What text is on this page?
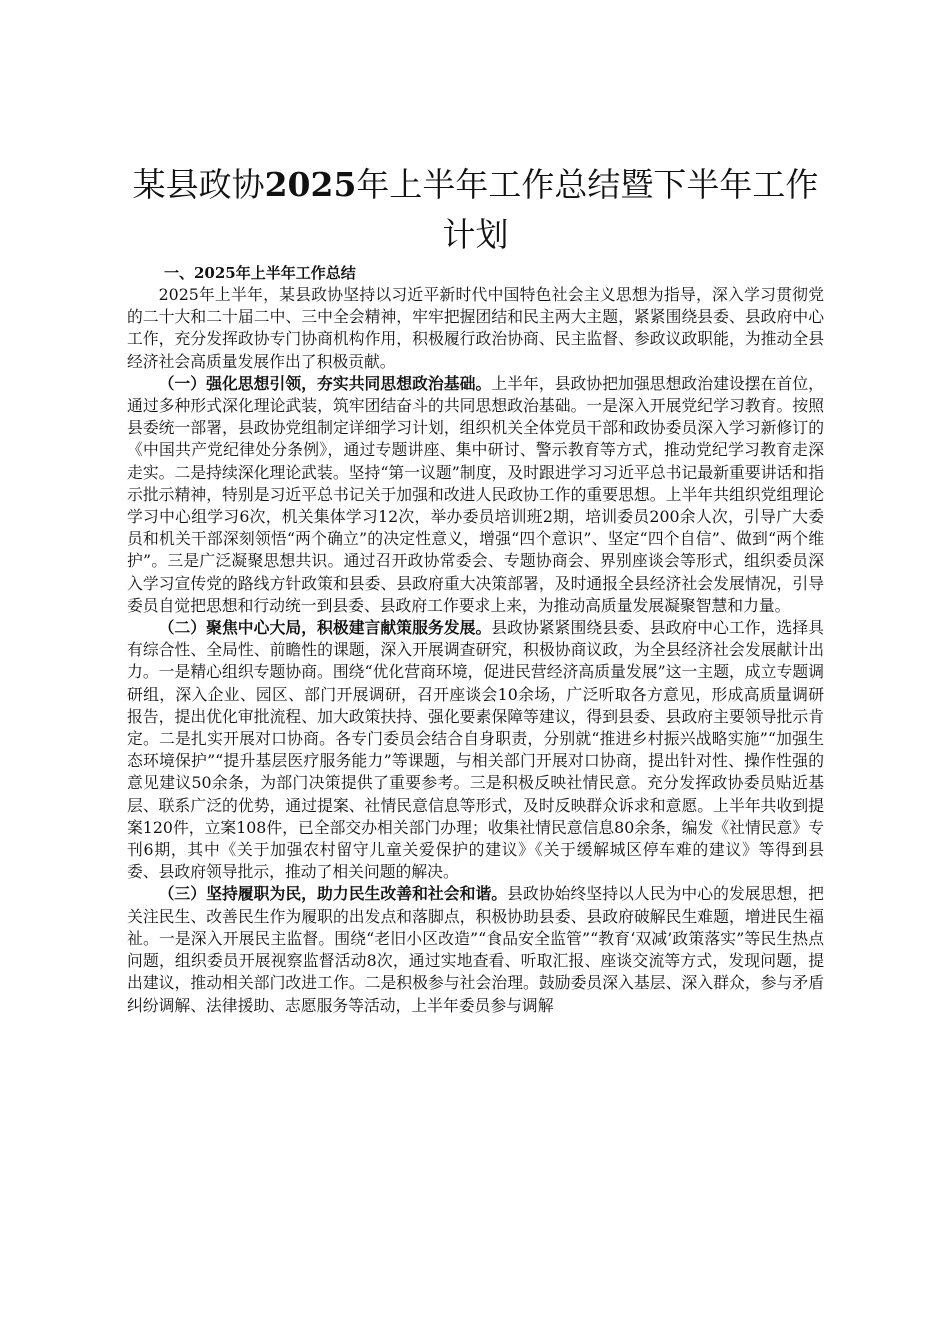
某县政协2025年上半年工作总结暨下半年工作计划
一、2025年上半年工作总结

2025年上半年，某县政协坚持以习近平新时代中国特色社会主义思想为指导，深入学习贯彻党的二十大和二十届二中、三中全会精神，牢牢把握团结和民主两大主题，紧紧围绕县委、县政府中心工作，充分发挥政协专门协商机构作用，积极履行政治协商、民主监督、参政议政职能，为推动全县经济社会高质量发展作出了积极贡献。

（一）强化思想引领，夯实共同思想政治基础。上半年，县政协把加强思想政治建设摆在首位，通过多种形式深化理论武装，筑牢团结奋斗的共同思想政治基础。一是深入开展党纪学习教育。按照县委统一部署，县政协党组制定详细学习计划，组织机关全体党员干部和政协委员深入学习新修订的《中国共产党纪律处分条例》，通过专题讲座、集中研讨、警示教育等方式，推动党纪学习教育走深走实。二是持续深化理论武装。坚持“第一议题”制度，及时跟进学习习近平总书记最新重要讲话和指示批示精神，特别是习近平总书记关于加强和改进人民政协工作的重要思想。上半年共组织党组理论学习中心组学习6次，机关集体学习12次，举办委员培训班2期，培训委员200余人次，引导广大委员和机关干部深刻领悟“两个确立”的决定性意义，增强“四个意识”、坚定“四个自信”、做到“两个维护”。三是广泛凝聚思想共识。通过召开政协常委会、专题协商会、界别座谈会等形式，组织委员深入学习宣传党的路线方针政策和县委、县政府重大决策部署，及时通报全县经济社会发展情况，引导委员自觉把思想和行动统一到县委、县政府工作要求上来，为推动高质量发展凝聚智慧和力量。

（二）聚焦中心大局，积极建言献策服务发展。县政协紧紧围绕县委、县政府中心工作，选择具有综合性、全局性、前瞻性的课题，深入开展调查研究，积极协商议政，为全县经济社会发展献计出力。一是精心组织专题协商。围绕“优化营商环境，促进民营经济高质量发展”这一主题，成立专题调研组，深入企业、园区、部门开展调研，召开座谈会10余场，广泛听取各方意见，形成高质量调研报告，提出优化审批流程、加大政策扶持、强化要素保障等建议，得到县委、县政府主要领导批示肯定。二是扎实开展对口协商。各专门委员会结合自身职责，分别就“推进乡村振兴战略实施”“加强生态环境保护”“提升基层医疗服务能力”等课题，与相关部门开展对口协商，提出针对性、操作性强的意见建议50余条，为部门决策提供了重要参考。三是积极反映社情民意。充分发挥政协委员贴近基层、联系广泛的优势，通过提案、社情民意信息等形式，及时反映群众诉求和意愿。上半年共收到提案120件，立案108件，已全部交办相关部门办理；收集社情民意信息80余条，编发《社情民意》专刊6期，其中《关于加强农村留守儿童关爱保护的建议》《关于缓解城区停车难的建议》等得到县委、县政府领导批示，推动了相关问题的解决。

（三）坚持履职为民，助力民生改善和社会和谐。县政协始终坚持以人民为中心的发展思想，把关注民生、改善民生作为履职的出发点和落脚点，积极协助县委、县政府破解民生难题，增进民生福祉。一是深入开展民主监督。围绕“老旧小区改造”“食品安全监管”“教育‘双减’政策落实”等民生热点问题，组织委员开展视察监督活动8次，通过实地查看、听取汇报、座谈交流等方式，发现问题，提出建议，推动相关部门改进工作。二是积极参与社会治理。鼓励委员深入基层、深入群众，参与矛盾纠纷调解、法律援助、志愿服务等活动，上半年委员参与调解
